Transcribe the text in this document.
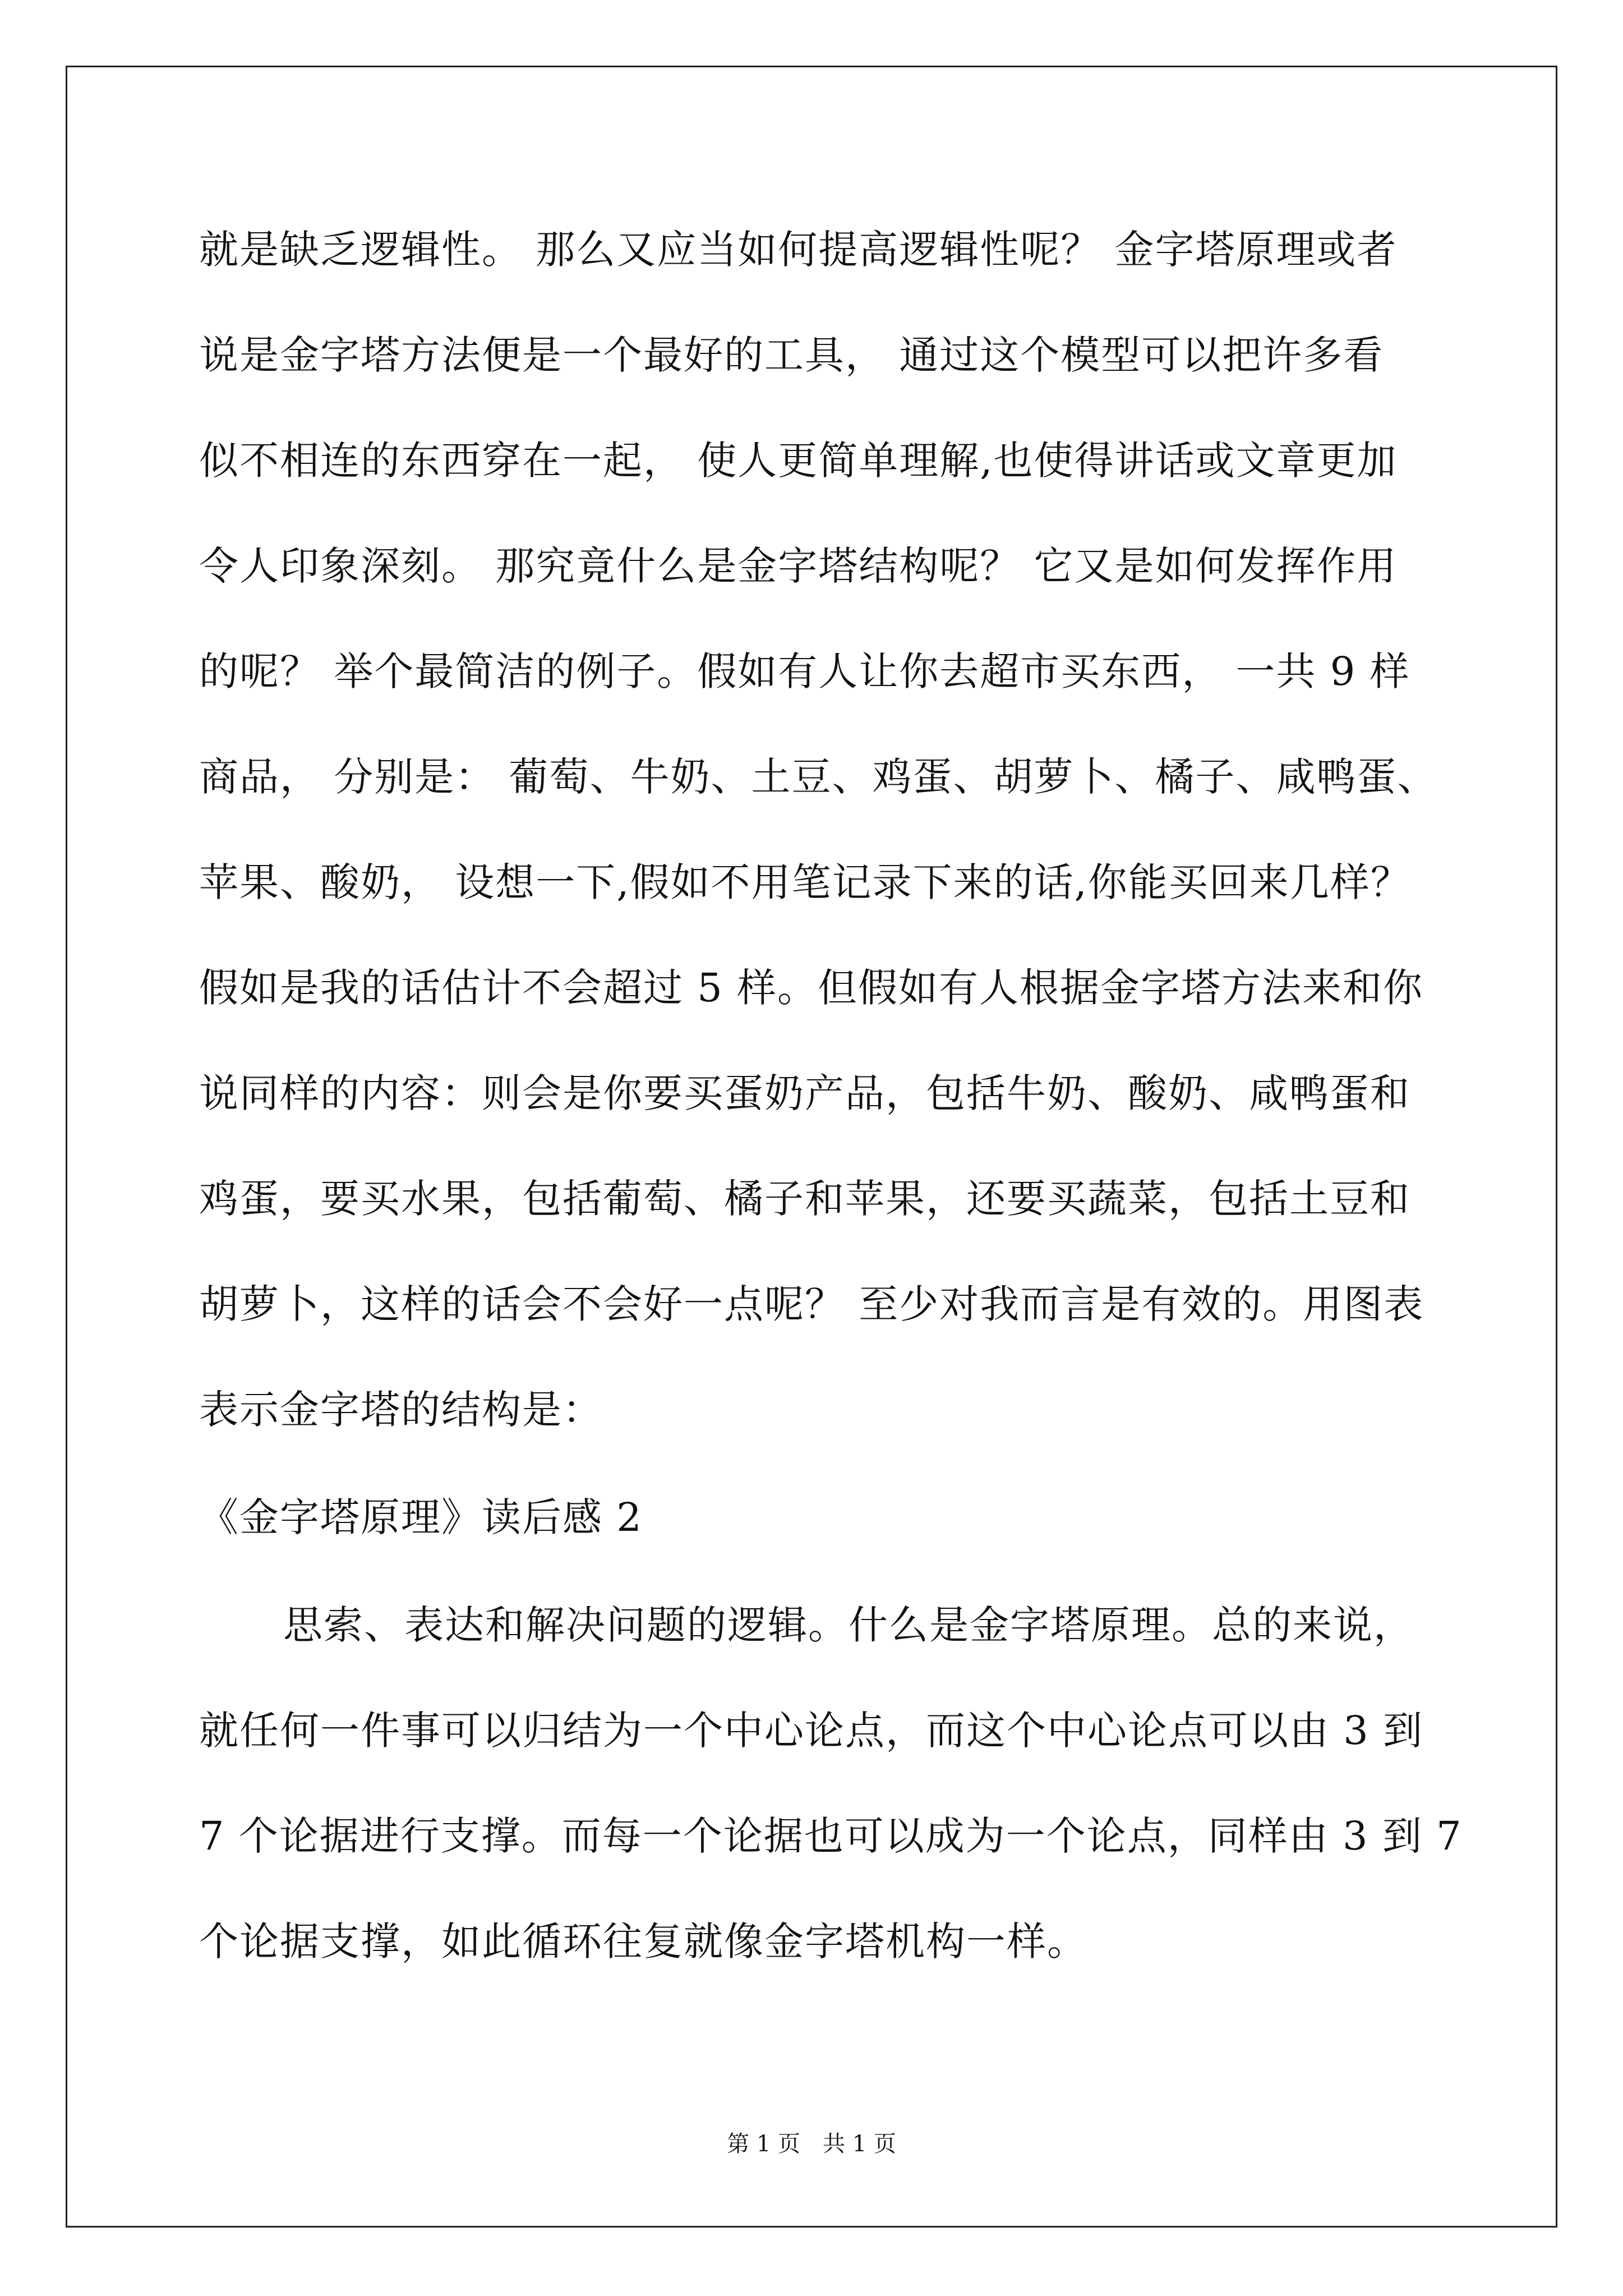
就是缺乏逻辑性。 那么又应当如何提高逻辑性呢？ 金字塔原理或者
说是金字塔方法便是一个最好的工具， 通过这个模型可以把许多看
似不相连的东西穿在一起， 使人更简单理解,也使得讲话或文章更加
令人印象深刻。 那究竟什么是金字塔结构呢？ 它又是如何发挥作用
的呢？ 举个最简洁的例子。假如有人让你去超市买东西， 一共 9 样
商品， 分别是： 葡萄、牛奶、土豆、鸡蛋、胡萝卜、橘子、咸鸭蛋、
苹果、酸奶， 设想一下,假如不用笔记录下来的话,你能买回来几样？
假如是我的话估计不会超过 5 样。但假如有人根据金字塔方法来和你
说同样的内容：则会是你要买蛋奶产品，包括牛奶、酸奶、咸鸭蛋和
鸡蛋，要买水果，包括葡萄、橘子和苹果，还要买蔬菜，包括土豆和
胡萝卜，这样的话会不会好一点呢？ 至少对我而言是有效的。用图表
表示金字塔的结构是：
《金字塔原理》读后感 2
思索、表达和解决问题的逻辑。什么是金字塔原理。总的来说，
就任何一件事可以归结为一个中心论点，而这个中心论点可以由 3 到
7 个论据进行支撑。而每一个论据也可以成为一个论点，同样由 3 到 7
个论据支撑，如此循环往复就像金字塔机构一样。
第 1 页　共 1 页
